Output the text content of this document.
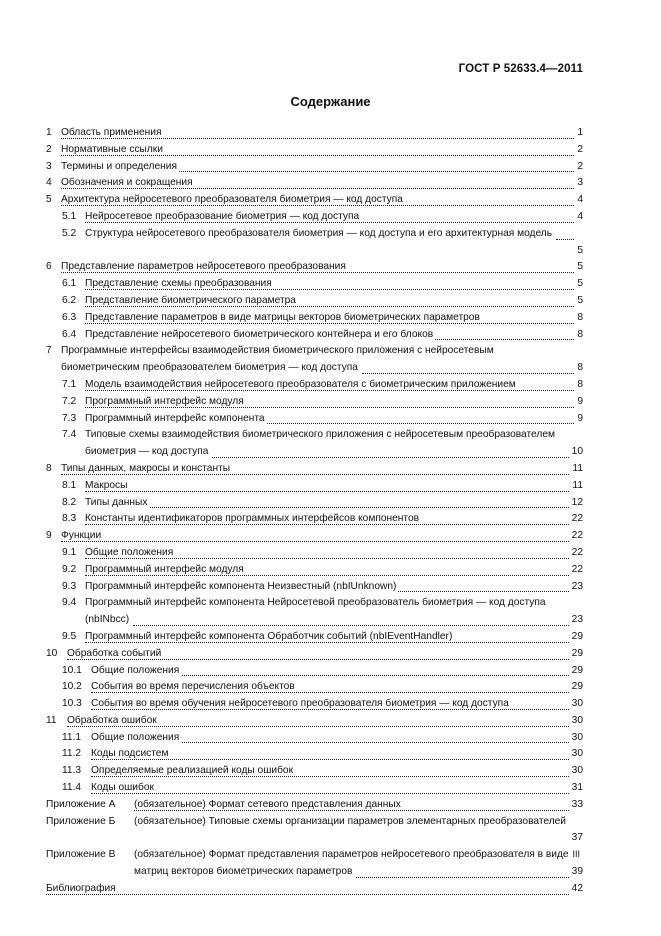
ГОСТ Р 52633.4—2011
Содержание
1 Область применения	1
2 Нормативные ссылки	2
3 Термины и определения	2
4 Обозначения и сокращения	3
5 Архитектура нейросетевого преобразователя биометрия — код доступа	4
5.1 Нейросетевое преобразование биометрия — код доступа	4
5.2 Структура нейросетевого преобразователя биометрия — код доступа и его архитектурная модель
5
6 Представление параметров нейросетевого преобразования	5
6.1 Представление схемы преобразования	5
6.2 Представление биометрического параметра	5
6.3 Представление параметров в виде матрицы векторов биометрических параметров	8
6.4 Представление нейросетевого биометрического контейнера и его блоков	8
7 Программные интерфейсы взаимодействия биометрического приложения с нейросетевым биометрическим преобразователем биометрия — код доступа	8
7.1 Модель взаимодействия нейросетевого преобразователя с биометрическим приложением	8
7.2 Программный интерфейс модуля	9
7.3 Программный интерфейс компонента	9
7.4 Типовые схемы взаимодействия биометрического приложения с нейросетевым преобразователем биометрия — код доступа	10
8 Типы данных, макросы и константы	11
8.1 Макросы	11
8.2 Типы данных	12
8.3 Константы идентификаторов программных интерфейсов компонентов	22
9 Функции	22
9.1 Общие положения	22
9.2 Программный интерфейс модуля	22
9.3 Программный интерфейс компонента Неизвестный (nbIUnknown)	23
9.4 Программный интерфейс компонента Нейросетевой преобразователь биометрия — код доступа (nbINbcc)	23
9.5 Программный интерфейс компонента Обработчик событий (nbIEventHandler)	29
10 Обработка событий	29
10.1 Общие положения	29
10.2 События во время перечисления объектов	29
10.3 События во время обучения нейросетевого преобразователя биометрия — код доступа	30
11 Обработка ошибок	30
11.1 Общие положения	30
11.2 Коды подсистем	30
11.3 Определяемые реализацией коды ошибок	30
11.4 Коды ошибок	31
Приложение А (обязательное) Формат сетевого представления данных	33
Приложение Б (обязательное) Типовые схемы организации параметров элементарных преобразователей
37
Приложение В (обязательное) Формат представления параметров нейросетевого преобразователя в виде матриц векторов биометрических параметров	39
Библиография	42
III
